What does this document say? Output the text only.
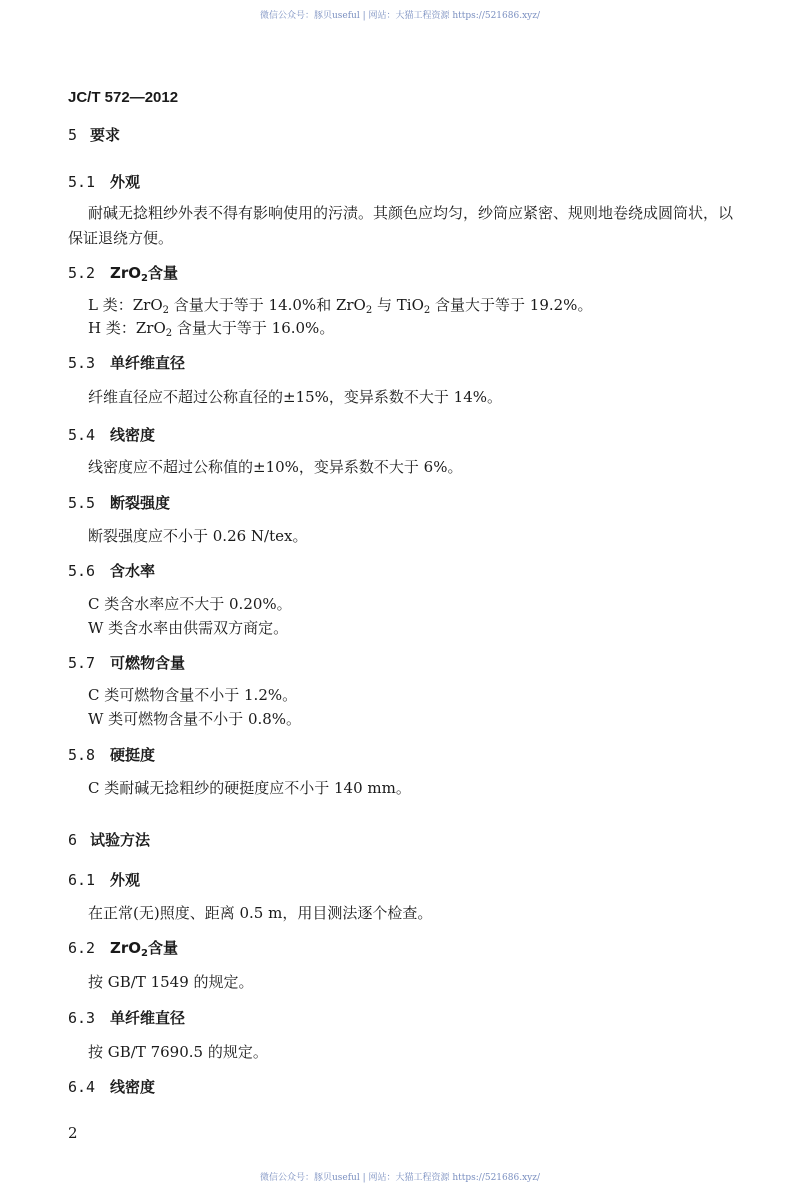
微信公众号：豚贝useful | 网站：大猫工程资源 https://521686.xyz/
JC/T 572—2012
5 要求
5.1 外观
耐碱无捻粗纱外表不得有影响使用的污渍。其颜色应均匀，纱筒应紧密、规则地卷绕成圆筒状，以
保证退绕方便。
5.2 ZrO$_2$含量
L 类：ZrO$_2$ 含量大于等于 14.0%和 ZrO$_2$ 与 TiO$_2$ 含量大于等于 19.2%。
H 类：ZrO$_2$ 含量大于等于 16.0%。
5.3 单纤维直径
纤维直径应不超过公称直径的±15%，变异系数不大于 14%。
5.4 线密度
线密度应不超过公称值的±10%，变异系数不大于 6%。
5.5 断裂强度
断裂强度应不小于 0.26 N/tex。
5.6 含水率
C 类含水率应不大于 0.20%。
W 类含水率由供需双方商定。
5.7 可燃物含量
C 类可燃物含量不小于 1.2%。
W 类可燃物含量不小于 0.8%。
5.8 硬挺度
C 类耐碱无捻粗纱的硬挺度应不小于 140 mm。
6 试验方法
6.1 外观
在正常(无)照度、距离 0.5 m，用目测法逐个检查。
6.2 ZrO$_2$含量
按 GB/T 1549 的规定。
6.3 单纤维直径
按 GB/T 7690.5 的规定。
6.4 线密度
2
微信公众号：豚贝useful | 网站：大猫工程资源 https://521686.xyz/
